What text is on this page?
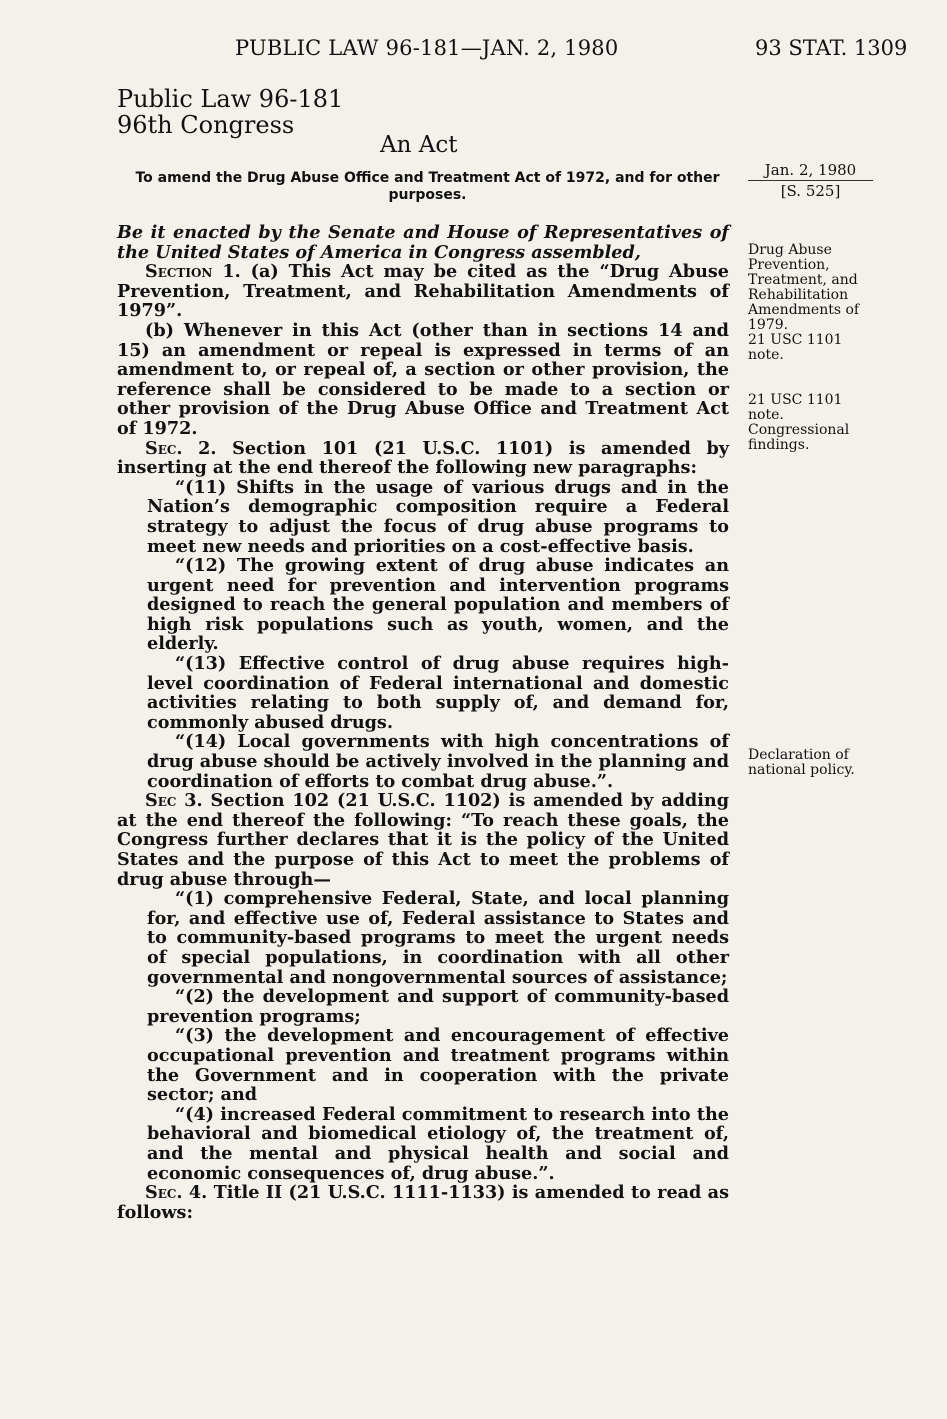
PUBLIC LAW 96-181—JAN. 2, 1980	93 STAT. 1309
Public Law 96-181
96th Congress
An Act
To amend the Drug Abuse Office and Treatment Act of 1972, and for other purposes.
Jan. 2, 1980
[S. 525]
Drug Abuse
Prevention,
Treatment, and
Rehabilitation
Amendments of
1979.
21 USC 1101
note.
21 USC 1101
note.
Congressional
findings.
Declaration of
national policy.

Be it enacted by the Senate and House of Representatives of the United States of America in Congress assembled,

Section 1. (a) This Act may be cited as the “Drug Abuse Prevention, Treatment, and Rehabilitation Amendments of 1979”.

(b) Whenever in this Act (other than in sections 14 and 15) an amendment or repeal is expressed in terms of an amendment to, or repeal of, a section or other provision, the reference shall be considered to be made to a section or other provision of the Drug Abuse Office and Treatment Act of 1972.

Sec. 2. Section 101 (21 U.S.C. 1101) is amended by inserting at the end thereof the following new paragraphs:

“(11) Shifts in the usage of various drugs and in the Nation’s demographic composition require a Federal strategy to adjust the focus of drug abuse programs to meet new needs and priorities on a cost-effective basis.

“(12) The growing extent of drug abuse indicates an urgent need for prevention and intervention programs designed to reach the general population and members of high risk populations such as youth, women, and the elderly.

“(13) Effective control of drug abuse requires high-level coordination of Federal international and domestic activities relating to both supply of, and demand for, commonly abused drugs.

“(14) Local governments with high concentrations of drug abuse should be actively involved in the planning and coordination of efforts to combat drug abuse.”.

Sec 3. Section 102 (21 U.S.C. 1102) is amended by adding at the end thereof the following: “To reach these goals, the Congress further declares that it is the policy of the United States and the purpose of this Act to meet the problems of drug abuse through—

“(1) comprehensive Federal, State, and local planning for, and effective use of, Federal assistance to States and to community-based programs to meet the urgent needs of special populations, in coordination with all other governmental and nongovernmental sources of assistance;

“(2) the development and support of community-based prevention programs;

“(3) the development and encouragement of effective occupational prevention and treatment programs within the Government and in cooperation with the private sector; and

“(4) increased Federal commitment to research into the behavioral and biomedical etiology of, the treatment of, and the mental and physical health and social and economic consequences of, drug abuse.”.

Sec. 4. Title II (21 U.S.C. 1111-1133) is amended to read as follows:
